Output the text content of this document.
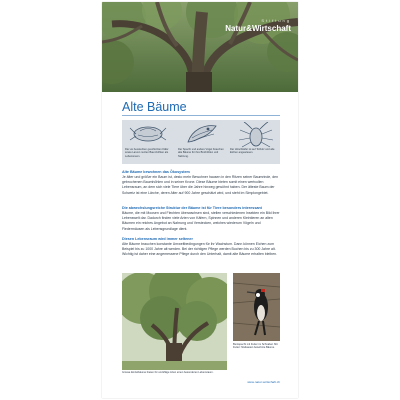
Stiftung
Natur&Wirtschaft
Alte Bäume
Die vor Aussterben geschützten Käfer sowie Larven nutzen Baumhöhlen als Lebensraum.
Der Specht und andere Vögel brauchen alte Bäume für ihre Bruthöhlen und Nahrung.
Der Hirschkäfer ist auf Totholz und alte Eichen angewiesen.
Alte Bäume bewohnen das Ökosystem
Je älter und größer ein Baum ist, desto mehr Bewohner hausen in den Ritzen seiner Baumrinde, den gebrochenen Baumhöhlen und in seiner Krone. Diese Bäume bieten somit einen wertvollen Lebensraum, an dem sich viele Tiere über die Jahre hinweg gewöhnt haben. Der älteste Baum der Schweiz ist eine Lärche, deren Alter auf 900 Jahre geschätzt wird, und steht im Simplongebiet.
Die abwechslungsreiche Struktur der Bäume ist für Tiere besonders interessant
Bäume, die mit Moosen und Flechten überwachsen sind, stellen verschiedenen Insekten ein Bild ihrer Lebenswelt dar. Dadurch finden viele Arten von Käfern, Spinnen und anderen Kleintieren an alten Bäumen ein reiches Angebot an Nahrung und Verstecken, welches wiederum Vögeln und Fledermäusen als Lebensgrundlage dient.
Diesen Lebensraum wird immer seltener
Alte Bäume brauchen konstante Umweltbedingungen für ihr Wachstum. Dann können Eichen zum Beispiel bis zu 1000 Jahre alt werden. Bei der richtigen Pflege werden Buchen bis zu 300 Jahre alt. Wichtig ist daher eine angemessene Pflege durch den Unterhalt, damit alte Bäume erhalten bleiben.
Grosse Einzelbäume bieten für unzählige Arten einen besonderen Lebensraum.
Buntspecht mit Futter im Schnabel. Mit Futter: Nistkasten bewohnte Bäume.
www.natur-wirtschaft.ch
